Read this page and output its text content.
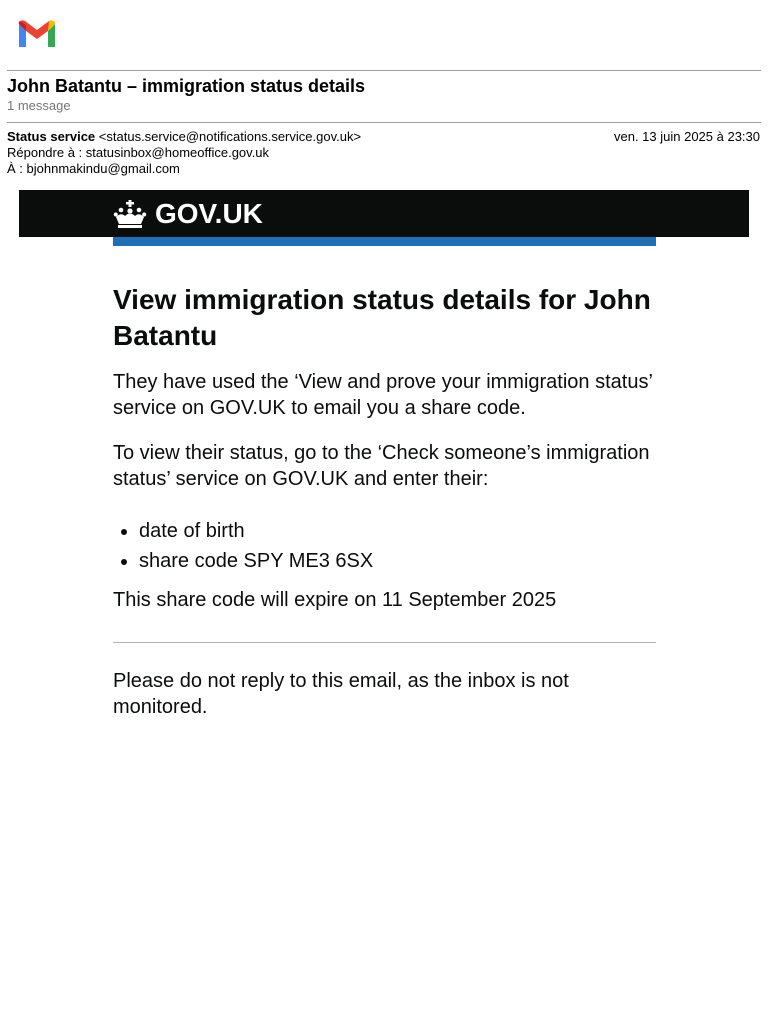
John Batantu – immigration status details
1 message
Status service <status.service@notifications.service.gov.uk>	ven. 13 juin 2025 à 23:30
Répondre à : statusinbox@homeoffice.gov.uk
À : bjohnmakindu@gmail.com
GOV.UK
View immigration status details for John Batantu

They have used the ‘View and prove your immigration status’ service on GOV.UK to email you a share code.

To view their status, go to the ‘Check someone’s immigration status’ service on GOV.UK and enter their:

• date of birth
• share code SPY ME3 6SX

This share code will expire on 11 September 2025

Please do not reply to this email, as the inbox is not monitored.
